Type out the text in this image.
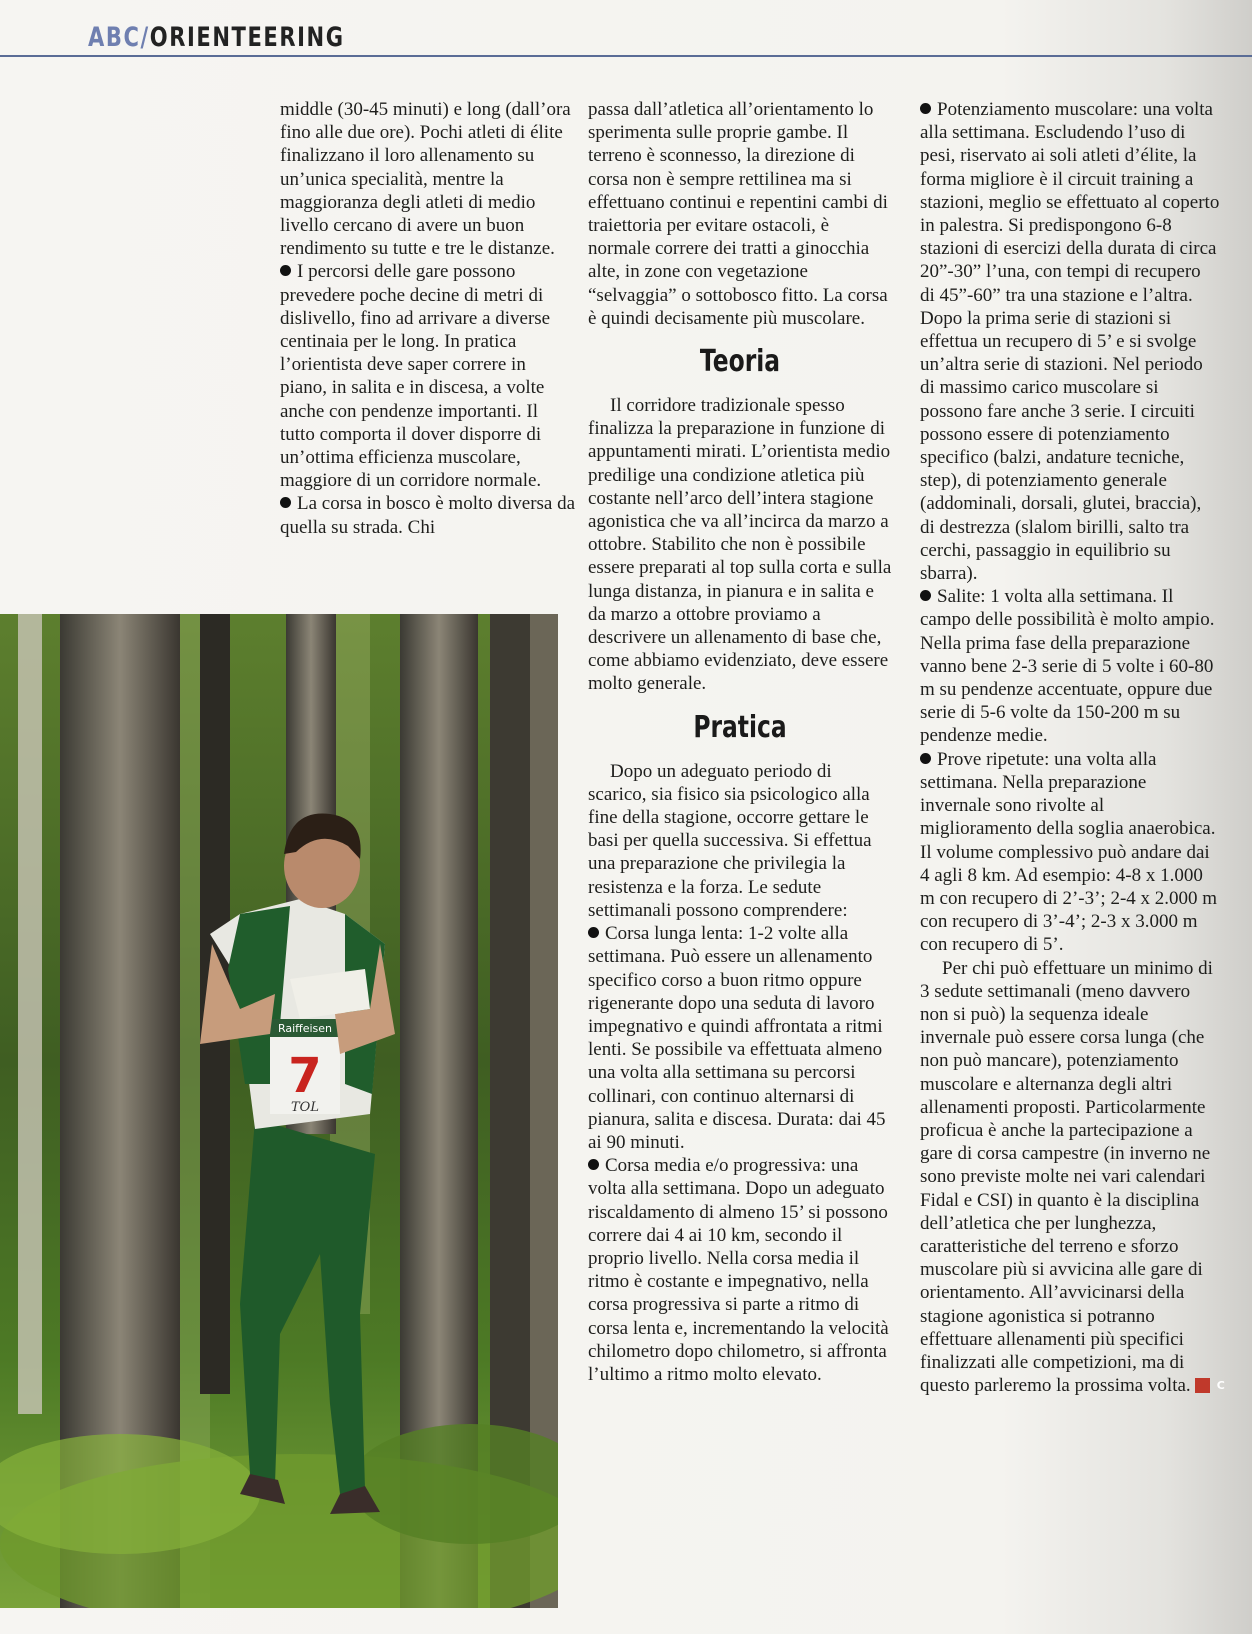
ABC/ORIENTEERING

middle (30-45 minuti) e long (dall’ora fino alle due ore). Pochi atleti di élite finalizzano il loro allenamento su un’unica specialità, mentre la maggioranza degli atleti di medio livello cercano di avere un buon rendimento su tutte e tre le distanze.

I percorsi delle gare possono prevedere poche decine di metri di dislivello, fino ad arrivare a diverse centinaia per le long. In pratica l’orientista deve saper correre in piano, in salita e in discesa, a volte anche con pendenze importanti. Il tutto comporta il dover disporre di un’ottima efficienza muscolare, maggiore di un corridore normale.

La corsa in bosco è molto diversa da quella su strada. Chi

Raiffeisen
7
TOL

passa dall’atletica all’orientamento lo sperimenta sulle proprie gambe. Il terreno è sconnesso, la direzione di corsa non è sempre rettilinea ma si effettuano continui e repentini cambi di traiettoria per evitare ostacoli, è normale correre dei tratti a ginocchia alte, in zone con vegetazione “selvaggia” o sottobosco fitto. La corsa è quindi decisamente più muscolare.

Teoria

Il corridore tradizionale spesso finalizza la preparazione in funzione di appuntamenti mirati. L’orientista medio predilige una condizione atletica più costante nell’arco dell’intera stagione agonistica che va all’incirca da marzo a ottobre. Stabilito che non è possibile essere preparati al top sulla corta e sulla lunga distanza, in pianura e in salita e da marzo a ottobre proviamo a descrivere un allenamento di base che, come abbiamo evidenziato, deve essere molto generale.

Pratica

Dopo un adeguato periodo di scarico, sia fisico sia psicologico alla fine della stagione, occorre gettare le basi per quella successiva. Si effettua una preparazione che privilegia la resistenza e la forza. Le sedute settimanali possono comprendere:

Corsa lunga lenta: 1-2 volte alla settimana. Può essere un allenamento specifico corso a buon ritmo oppure rigenerante dopo una seduta di lavoro impegnativo e quindi affrontata a ritmi lenti. Se possibile va effettuata almeno una volta alla settimana su percorsi collinari, con continuo alternarsi di pianura, salita e discesa. Durata: dai 45 ai 90 minuti.

Corsa media e/o progressiva: una volta alla settimana. Dopo un adeguato riscaldamento di almeno 15’ si possono correre dai 4 ai 10 km, secondo il proprio livello. Nella corsa media il ritmo è costante e impegnativo, nella corsa progressiva si parte a ritmo di corsa lenta e, incrementando la velocità chilometro dopo chilometro, si affronta l’ultimo a ritmo molto elevato.

Potenziamento muscolare: una volta alla settimana. Escludendo l’uso di pesi, riservato ai soli atleti d’élite, la forma migliore è il circuit training a stazioni, meglio se effettuato al coperto in palestra. Si predispongono 6-8 stazioni di esercizi della durata di circa 20”-30” l’una, con tempi di recupero di 45”-60” tra una stazione e l’altra. Dopo la prima serie di stazioni si effettua un recupero di 5’ e si svolge un’altra serie di stazioni. Nel periodo di massimo carico muscolare si possono fare anche 3 serie. I circuiti possono essere di potenziamento specifico (balzi, andature tecniche, step), di potenziamento generale (addominali, dorsali, glutei, braccia), di destrezza (slalom birilli, salto tra cerchi, passaggio in equilibrio su sbarra).

Salite: 1 volta alla settimana. Il campo delle possibilità è molto ampio. Nella prima fase della preparazione vanno bene 2-3 serie di 5 volte i 60-80 m su pendenze accentuate, oppure due serie di 5-6 volte da 150-200 m su pendenze medie.

Prove ripetute: una volta alla settimana. Nella preparazione invernale sono rivolte al miglioramento della soglia anaerobica. Il volume complessivo può andare dai 4 agli 8 km. Ad esempio: 4-8 x 1.000 m con recupero di 2’-3’; 2-4 x 2.000 m con recupero di 3’-4’; 2-3 x 3.000 m con recupero di 5’.

Per chi può effettuare un minimo di 3 sedute settimanali (meno davvero non si può) la sequenza ideale invernale può essere corsa lunga (che non può mancare), potenziamento muscolare e alternanza degli altri allenamenti proposti. Particolarmente proficua è anche la partecipazione a gare di corsa campestre (in inverno ne sono previste molte nei vari calendari Fidal e CSI) in quanto è la disciplina dell’atletica che per lunghezza, caratteristiche del terreno e sforzo muscolare più si avvicina alle gare di orientamento. All’avvicinarsi della stagione agonistica si potranno effettuare allenamenti più specifici finalizzati alle competizioni, ma di questo parleremo la prossima volta. C
